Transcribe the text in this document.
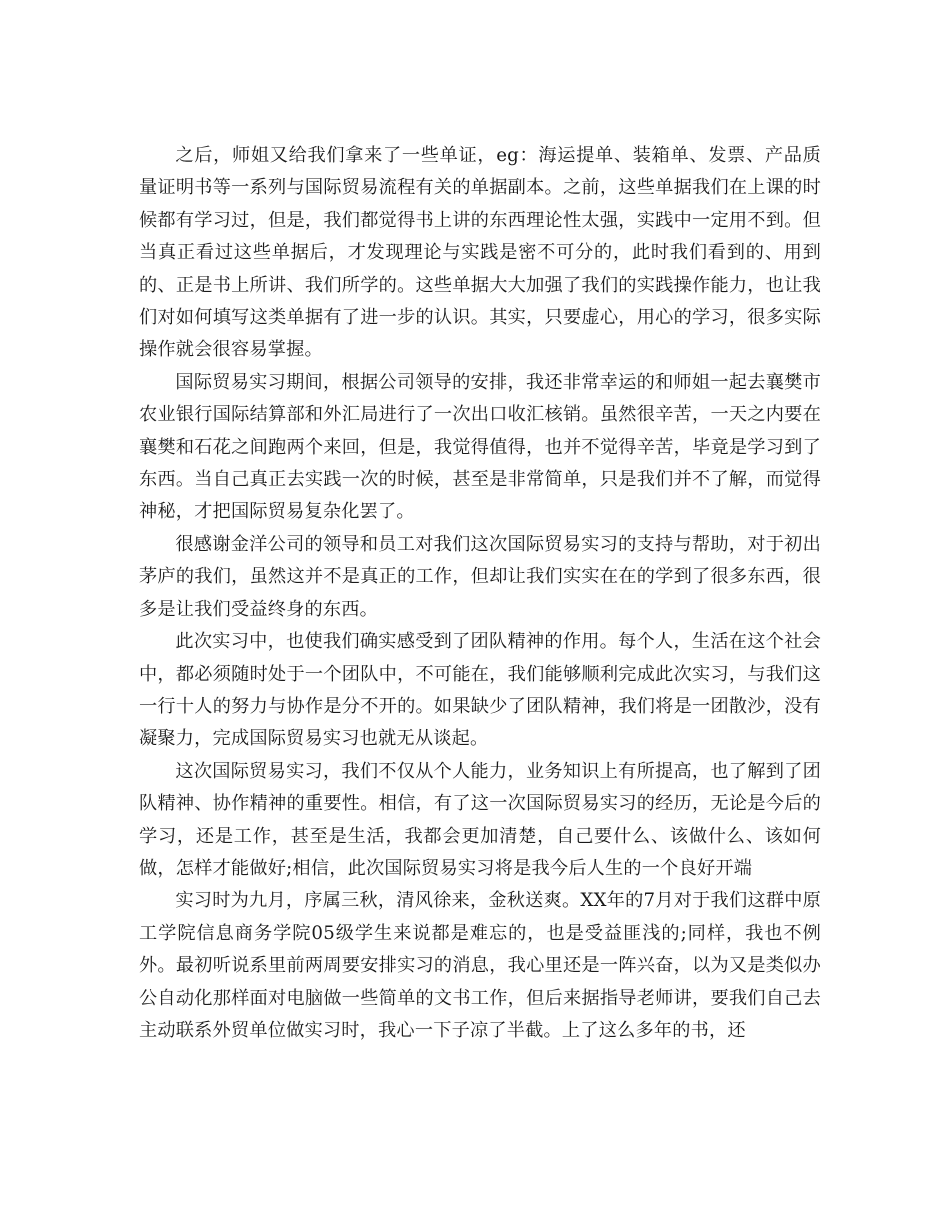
之后，师姐又给我们拿来了一些单证，eg：海运提单、装箱单、发票、产品质量证明书等一系列与国际贸易流程有关的单据副本。之前，这些单据我们在上课的时候都有学习过，但是，我们都觉得书上讲的东西理论性太强，实践中一定用不到。但当真正看过这些单据后，才发现理论与实践是密不可分的，此时我们看到的、用到的、正是书上所讲、我们所学的。这些单据大大加强了我们的实践操作能力，也让我们对如何填写这类单据有了进一步的认识。其实，只要虚心，用心的学习，很多实际操作就会很容易掌握。

国际贸易实习期间，根据公司领导的安排，我还非常幸运的和师姐一起去襄樊市农业银行国际结算部和外汇局进行了一次出口收汇核销。虽然很辛苦，一天之内要在襄樊和石花之间跑两个来回，但是，我觉得值得，也并不觉得辛苦，毕竟是学习到了东西。当自己真正去实践一次的时候，甚至是非常简单，只是我们并不了解，而觉得神秘，才把国际贸易复杂化罢了。

很感谢金洋公司的领导和员工对我们这次国际贸易实习的支持与帮助，对于初出茅庐的我们，虽然这并不是真正的工作，但却让我们实实在在的学到了很多东西，很多是让我们受益终身的东西。

此次实习中，也使我们确实感受到了团队精神的作用。每个人，生活在这个社会中，都必须随时处于一个团队中，不可能在，我们能够顺利完成此次实习，与我们这一行十人的努力与协作是分不开的。如果缺少了团队精神，我们将是一团散沙，没有凝聚力，完成国际贸易实习也就无从谈起。

这次国际贸易实习，我们不仅从个人能力，业务知识上有所提高，也了解到了团队精神、协作精神的重要性。相信，有了这一次国际贸易实习的经历，无论是今后的学习，还是工作，甚至是生活，我都会更加清楚，自己要什么、该做什么、该如何做，怎样才能做好;相信，此次国际贸易实习将是我今后人生的一个良好开端

实习时为九月，序属三秋，清风徐来，金秋送爽。XX年的7月对于我们这群中原工学院信息商务学院05级学生来说都是难忘的，也是受益匪浅的;同样，我也不例外。最初听说系里前两周要安排实习的消息，我心里还是一阵兴奋，以为又是类似办公自动化那样面对电脑做一些简单的文书工作，但后来据指导老师讲，要我们自己去主动联系外贸单位做实习时，我心一下子凉了半截。上了这么多年的书，还
